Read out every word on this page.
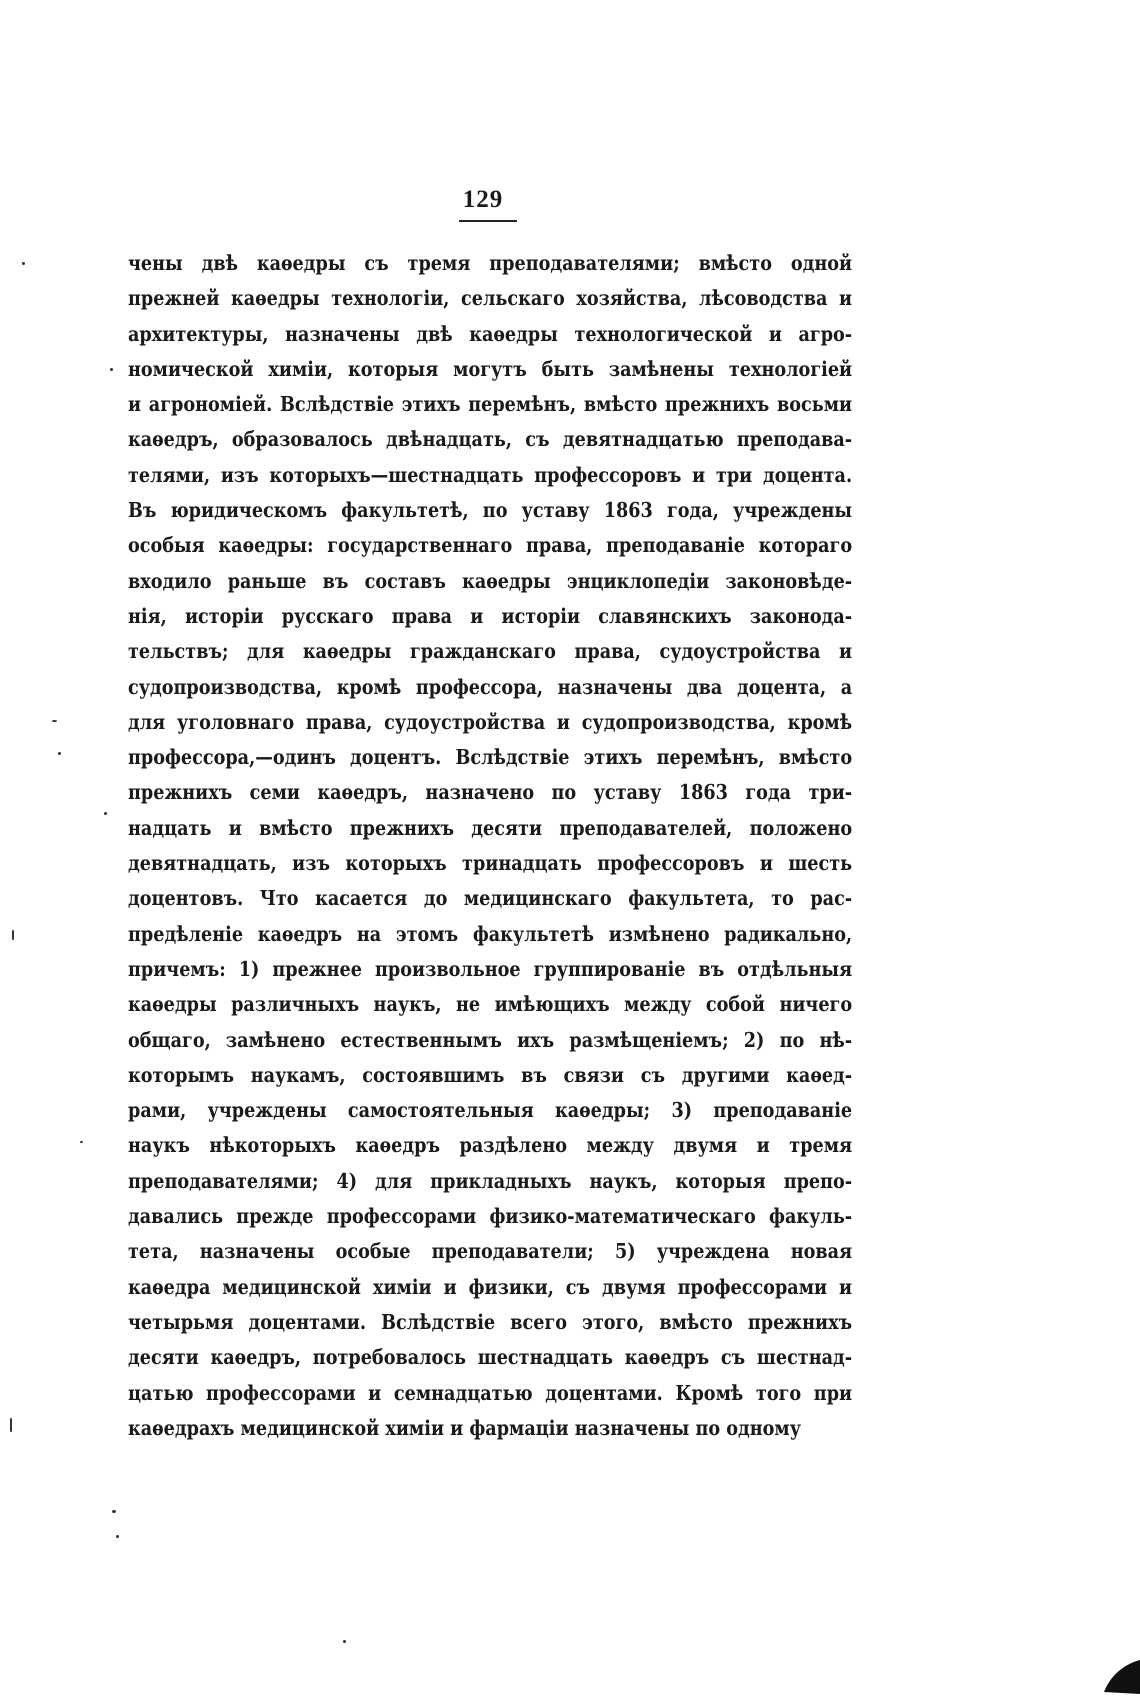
129
чены двѣ каѳедры съ тремя преподавателями; вмѣсто одной
прежней каѳедры технологіи, сельскаго хозяйства, лѣсоводства и
архитектуры, назначены двѣ каѳедры технологической и агро-
номической химіи, которыя могутъ быть замѣнены технологіей
и агрономіей. Вслѣдствіе этихъ перемѣнъ, вмѣсто прежнихъ восьми
каѳедръ, образовалось двѣнадцать, съ девятнадцатью преподава-
телями, изъ которыхъ—шестнадцать профессоровъ и три доцента.
Въ юридическомъ факультетѣ, по уставу 1863 года, учреждены
особыя каѳедры: государственнаго права, преподаваніе котораго
входило раньше въ составъ каѳедры энциклопедіи законовѣде-
нія, исторіи русскаго права и исторіи славянскихъ законода-
тельствъ; для каѳедры гражданскаго права, судоустройства и
судопроизводства, кромѣ профессора, назначены два доцента, а
для уголовнаго права, судоустройства и судопроизводства, кромѣ
профессора,—одинъ доцентъ. Вслѣдствіе этихъ перемѣнъ, вмѣсто
прежнихъ семи каѳедръ, назначено по уставу 1863 года три-
надцать и вмѣсто прежнихъ десяти преподавателей, положено
девятнадцать, изъ которыхъ тринадцать профессоровъ и шесть
доцентовъ. Что касается до медицинскаго факультета, то рас-
предѣленіе каѳедръ на этомъ факультетѣ измѣнено радикально,
причемъ: 1) прежнее произвольное группированіе въ отдѣльныя
каѳедры различныхъ наукъ, не имѣющихъ между собой ничего
общаго, замѣнено естественнымъ ихъ размѣщеніемъ; 2) по нѣ-
которымъ наукамъ, состоявшимъ въ связи съ другими каѳед-
рами, учреждены самостоятельныя каѳедры; 3) преподаваніе
наукъ нѣкоторыхъ каѳедръ раздѣлено между двумя и тремя
преподавателями; 4) для прикладныхъ наукъ, которыя препо-
давались прежде профессорами физико-математическаго факуль-
тета, назначены особые преподаватели; 5) учреждена новая
каѳедра медицинской химіи и физики, съ двумя профессорами и
четырьмя доцентами. Вслѣдствіе всего этого, вмѣсто прежнихъ
десяти каѳедръ, потребовалось шестнадцать каѳедръ съ шестнад-
цатью профессорами и семнадцатью доцентами. Кромѣ того при
каѳедрахъ медицинской химіи и фармаціи назначены по одному
